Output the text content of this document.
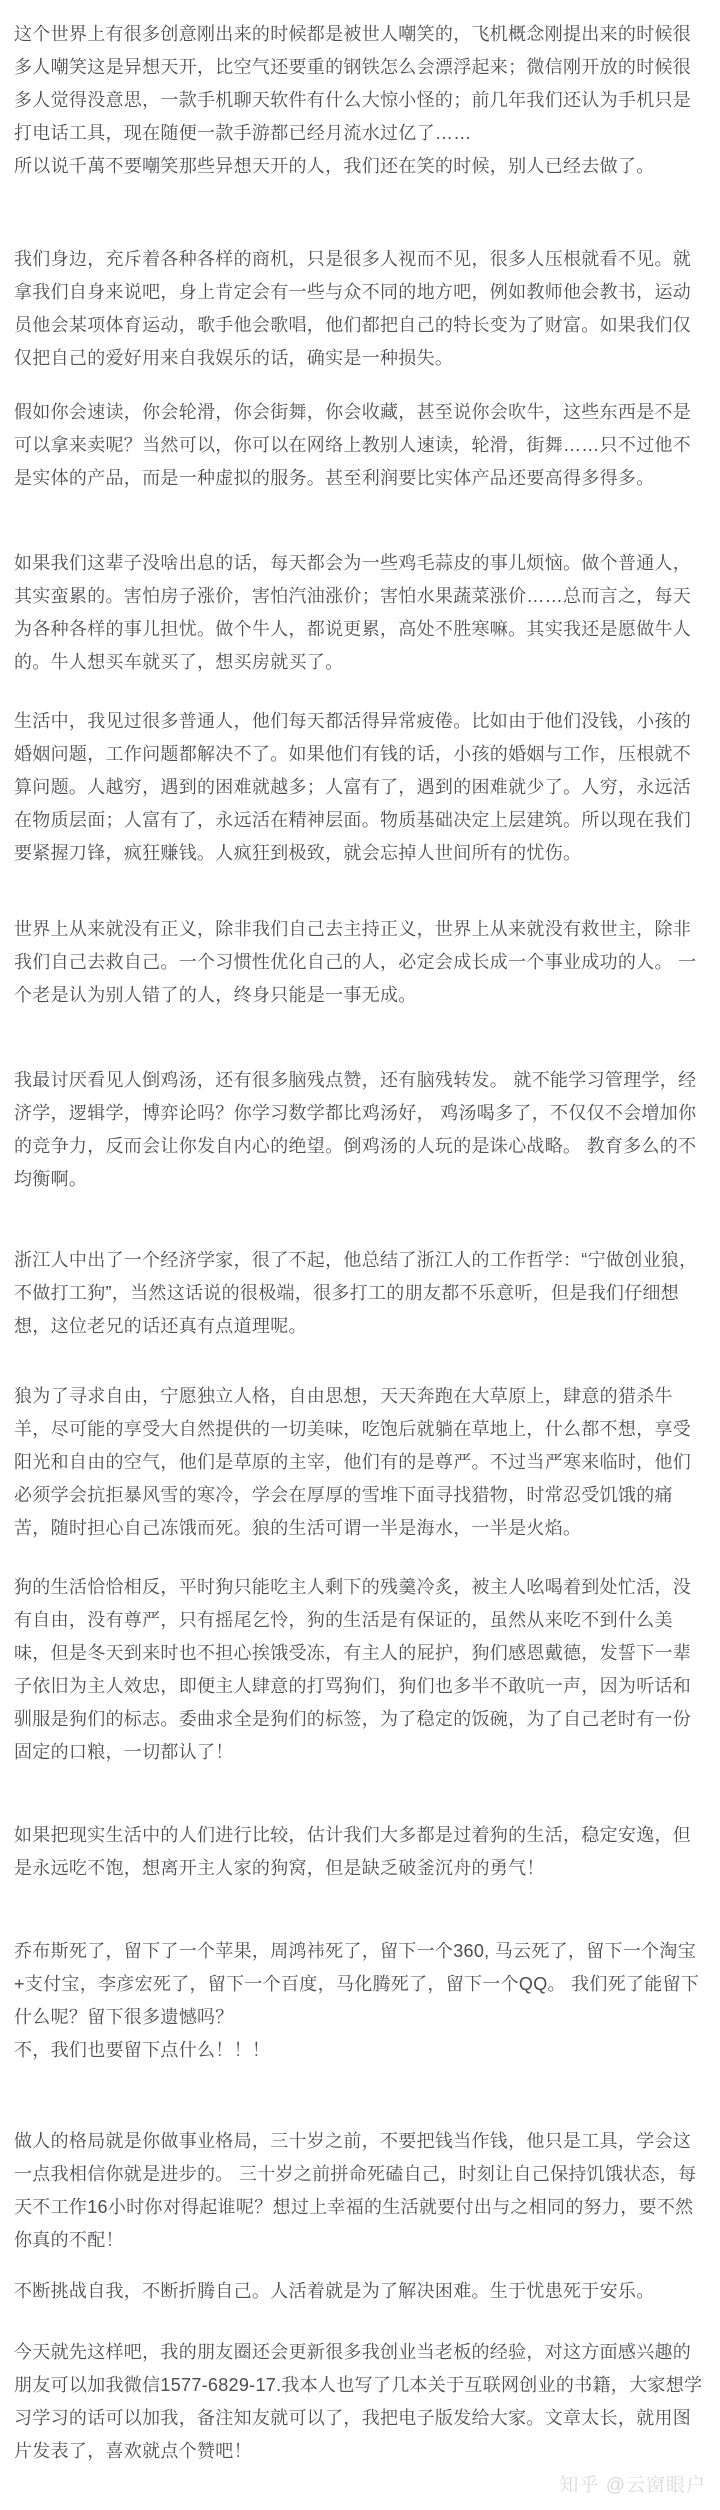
这个世界上有很多创意刚出来的时候都是被世人嘲笑的，飞机概念刚提出来的时候很多人嘲笑这是异想天开，比空气还要重的钢铁怎么会漂浮起来；微信刚开放的时候很多人觉得没意思，一款手机聊天软件有什么大惊小怪的；前几年我们还认为手机只是打电话工具，现在随便一款手游都已经月流水过亿了……
所以说千萬不要嘲笑那些异想天开的人，我们还在笑的时候，别人已经去做了。

我们身边，充斥着各种各样的商机，只是很多人视而不见，很多人压根就看不见。就拿我们自身来说吧，身上肯定会有一些与众不同的地方吧，例如教师他会教书，运动员他会某项体育运动，歌手他会歌唱，他们都把自己的特长变为了财富。如果我们仅仅把自己的爱好用来自我娱乐的话，确实是一种损失。

假如你会速读，你会轮滑，你会街舞，你会收藏，甚至说你会吹牛，这些东西是不是可以拿来卖呢？当然可以，你可以在网络上教别人速读，轮滑，街舞……只不过他不是实体的产品，而是一种虚拟的服务。甚至利润要比实体产品还要高得多得多。

如果我们这辈子没啥出息的话，每天都会为一些鸡毛蒜皮的事儿烦恼。做个普通人，其实蛮累的。害怕房子涨价，害怕汽油涨价；害怕水果蔬菜涨价……总而言之，每天为各种各样的事儿担忧。做个牛人，都说更累，高处不胜寒嘛。其实我还是愿做牛人的。牛人想买车就买了，想买房就买了。

生活中，我见过很多普通人，他们每天都活得异常疲倦。比如由于他们没钱，小孩的婚姻问题，工作问题都解决不了。如果他们有钱的话，小孩的婚姻与工作，压根就不算问题。人越穷，遇到的困难就越多；人富有了，遇到的困难就少了。人穷，永远活在物质层面；人富有了，永远活在精神层面。物质基础决定上层建筑。所以现在我们要紧握刀锋，疯狂赚钱。人疯狂到极致，就会忘掉人世间所有的忧伤。

世界上从来就没有正义，除非我们自己去主持正义，世界上从来就没有救世主，除非我们自己去救自己。一个习惯性优化自己的人，必定会成长成一个事业成功的人。 一个老是认为别人错了的人，终身只能是一事无成。

我最讨厌看见人倒鸡汤，还有很多脑残点赞，还有脑残转发。 就不能学习管理学，经济学，逻辑学，博弈论吗？你学习数学都比鸡汤好， 鸡汤喝多了，不仅仅不会增加你的竞争力，反而会让你发自内心的绝望。倒鸡汤的人玩的是诛心战略。 教育多么的不均衡啊。

浙江人中出了一个经济学家，很了不起，他总结了浙江人的工作哲学：“宁做创业狼，不做打工狗”，当然这话说的很极端，很多打工的朋友都不乐意听，但是我们仔细想想，这位老兄的话还真有点道理呢。

狼为了寻求自由，宁愿独立人格，自由思想，天天奔跑在大草原上，肆意的猎杀牛羊，尽可能的享受大自然提供的一切美味，吃饱后就躺在草地上，什么都不想，享受阳光和自由的空气，他们是草原的主宰，他们有的是尊严。不过当严寒来临时，他们必须学会抗拒暴风雪的寒冷，学会在厚厚的雪堆下面寻找猎物，时常忍受饥饿的痛苦，随时担心自己冻饿而死。狼的生活可谓一半是海水，一半是火焰。

狗的生活恰恰相反，平时狗只能吃主人剩下的残羹冷炙，被主人吆喝着到处忙活，没有自由，没有尊严，只有摇尾乞怜，狗的生活是有保证的，虽然从来吃不到什么美味，但是冬天到来时也不担心挨饿受冻，有主人的屁护，狗们感恩戴德，发誓下一辈子依旧为主人效忠，即便主人肆意的打骂狗们，狗们也多半不敢吭一声，因为听话和驯服是狗们的标志。委曲求全是狗们的标签，为了稳定的饭碗，为了自己老时有一份固定的口粮，一切都认了！

如果把现实生活中的人们进行比较，估计我们大多都是过着狗的生活，稳定安逸，但是永远吃不饱，想离开主人家的狗窝，但是缺乏破釜沉舟的勇气！

乔布斯死了，留下了一个苹果，周鸿祎死了，留下一个360, 马云死了，留下一个淘宝+支付宝，李彦宏死了，留下一个百度，马化腾死了，留下一个QQ。 我们死了能留下什么呢？留下很多遗憾吗？
不，我们也要留下点什么！！！

做人的格局就是你做事业格局，三十岁之前，不要把钱当作钱，他只是工具，学会这一点我相信你就是进步的。 三十岁之前拼命死磕自己，时刻让自己保持饥饿状态，每天不工作16小时你对得起谁呢？想过上幸福的生活就要付出与之相同的努力，要不然你真的不配！

不断挑战自我，不断折腾自己。人活着就是为了解决困难。生于忧患死于安乐。

今天就先这样吧，我的朋友圈还会更新很多我创业当老板的经验，对这方面感兴趣的朋友可以加我微信1577-6829-17.我本人也写了几本关于互联网创业的书籍，大家想学习学习的话可以加我，备注知友就可以了，我把电子版发给大家。文章太长，就用图片发表了，喜欢就点个赞吧！

知乎 @云窗眼户
